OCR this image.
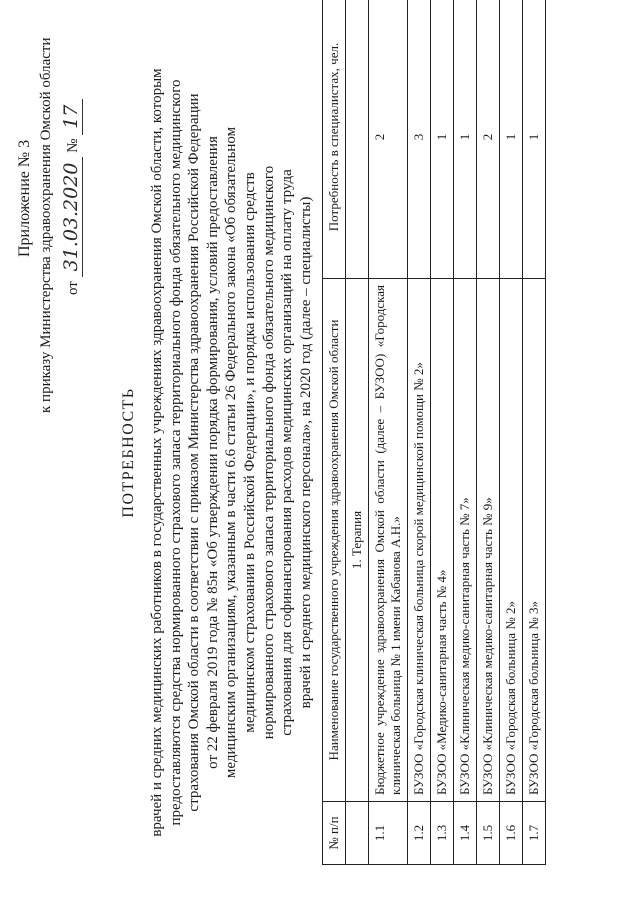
Приложение № 3 к приказу Министерства здравоохранения Омской области от 31.03.2020 № 17
ПОТРЕБНОСТЬ врачей и средних медицинских работников в государственных учреждениях здравоохранения Омской области, которым предоставляются средства нормированного страхового запаса территориального фонда обязательного медицинского страхования Омской области в соответствии с приказом Министерства здравоохранения Российской Федерации от 22 февраля 2019 года № 85н «Об утверждении порядка формирования, условий предоставления медицинским организациям, указанным в части 6.6 статьи 26 Федерального закона «Об обязательном медицинском страховании в Российской Федерации», и порядка использования средств нормированного страхового запаса территориального фонда обязательного медицинского страхования для софинансирования расходов медицинских организаций на оплату труда врачей и среднего медицинского персонала», на 2020 год (далее – специалисты)
№ п/п	Наименование государственного учреждения здравоохранения Омской области	Потребность в специалистах, чел.
	1. Терапия	
1.1	Бюджетное учреждение здравоохранения Омской области (далее – БУЗОО) «Городская клиническая больница № 1 имени Кабанова А.Н.»	2
1.2	БУЗОО «Городская клиническая больница скорой медицинской помощи № 2»	3
1.3	БУЗОО «Медико-санитарная часть № 4»	1
1.4	БУЗОО «Клиническая медико-санитарная часть № 7»	1
1.5	БУЗОО «Клиническая медико-санитарная часть № 9»	2
1.6	БУЗОО «Городская больница № 2»	1
1.7	БУЗОО «Городская больница № 3»	1
